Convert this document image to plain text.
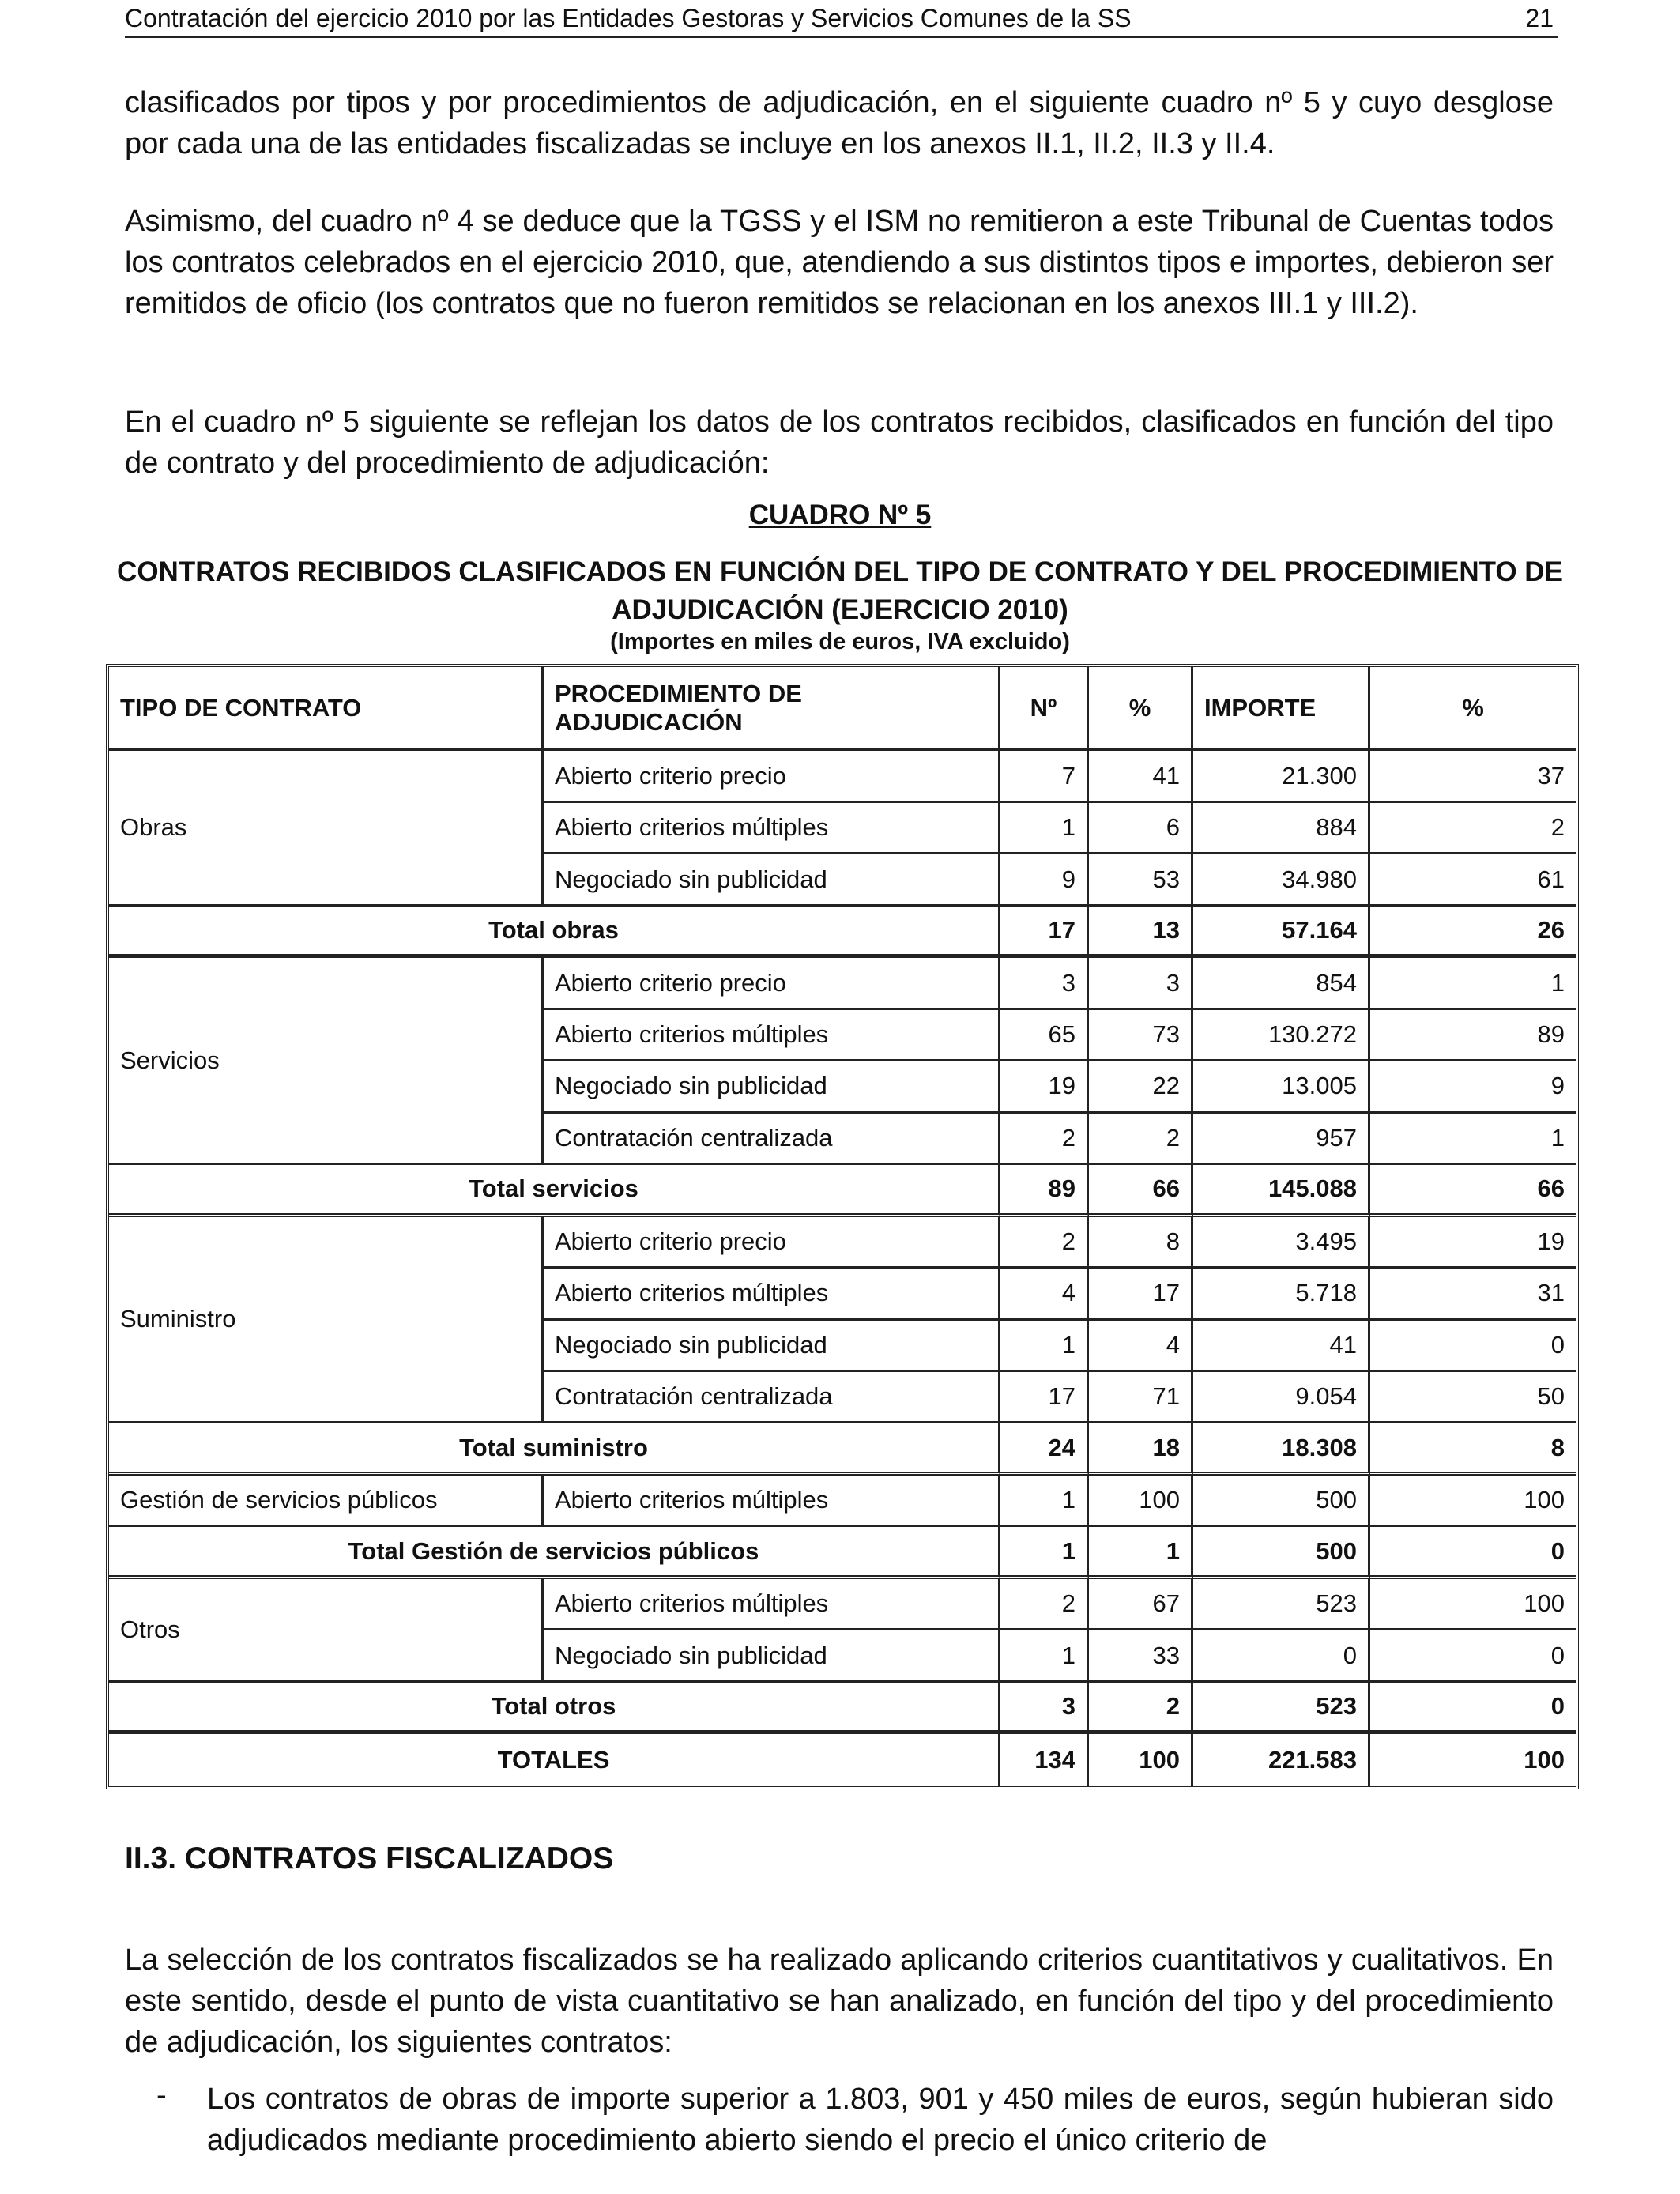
Contratación del ejercicio 2010 por las Entidades Gestoras y Servicios Comunes de la SS	21

clasificados por tipos y por procedimientos de adjudicación, en el siguiente cuadro nº 5 y cuyo desglose por cada una de las entidades fiscalizadas se incluye en los anexos II.1, II.2, II.3 y II.4.

Asimismo, del cuadro nº 4 se deduce que la TGSS y el ISM no remitieron a este Tribunal de Cuentas todos los contratos celebrados en el ejercicio 2010, que, atendiendo a sus distintos tipos e importes, debieron ser remitidos de oficio (los contratos que no fueron remitidos se relacionan en los anexos III.1 y III.2).

En el cuadro nº 5 siguiente se reflejan los datos de los contratos recibidos, clasificados en función del tipo de contrato y del procedimiento de adjudicación:

CUADRO Nº 5

CONTRATOS RECIBIDOS CLASIFICADOS EN FUNCIÓN DEL TIPO DE CONTRATO Y DEL PROCEDIMIENTO DE ADJUDICACIÓN (EJERCICIO 2010)

(Importes en miles de euros, IVA excluido)

TIPO DE CONTRATO	PROCEDIMIENTO DE ADJUDICACIÓN	Nº	%	IMPORTE	%
Obras	Abierto criterio precio	7	41	21.300	37
	Abierto criterios múltiples	1	6	884	2
	Negociado sin publicidad	9	53	34.980	61
Total obras		17	13	57.164	26
Servicios	Abierto criterio precio	3	3	854	1
	Abierto criterios múltiples	65	73	130.272	89
	Negociado sin publicidad	19	22	13.005	9
	Contratación centralizada	2	2	957	1
Total servicios		89	66	145.088	66
Suministro	Abierto criterio precio	2	8	3.495	19
	Abierto criterios múltiples	4	17	5.718	31
	Negociado sin publicidad	1	4	41	0
	Contratación centralizada	17	71	9.054	50
Total suministro		24	18	18.308	8
Gestión de servicios públicos	Abierto criterios múltiples	1	100	500	100
Total Gestión de servicios públicos		1	1	500	0
Otros	Abierto criterios múltiples	2	67	523	100
	Negociado sin publicidad	1	33	0	0
Total otros		3	2	523	0
TOTALES		134	100	221.583	100
II.3. CONTRATOS FISCALIZADOS

La selección de los contratos fiscalizados se ha realizado aplicando criterios cuantitativos y cualitativos. En este sentido, desde el punto de vista cuantitativo se han analizado, en función del tipo y del procedimiento de adjudicación, los siguientes contratos:

- Los contratos de obras de importe superior a 1.803, 901 y 450 miles de euros, según hubieran sido adjudicados mediante procedimiento abierto siendo el precio el único criterio de
